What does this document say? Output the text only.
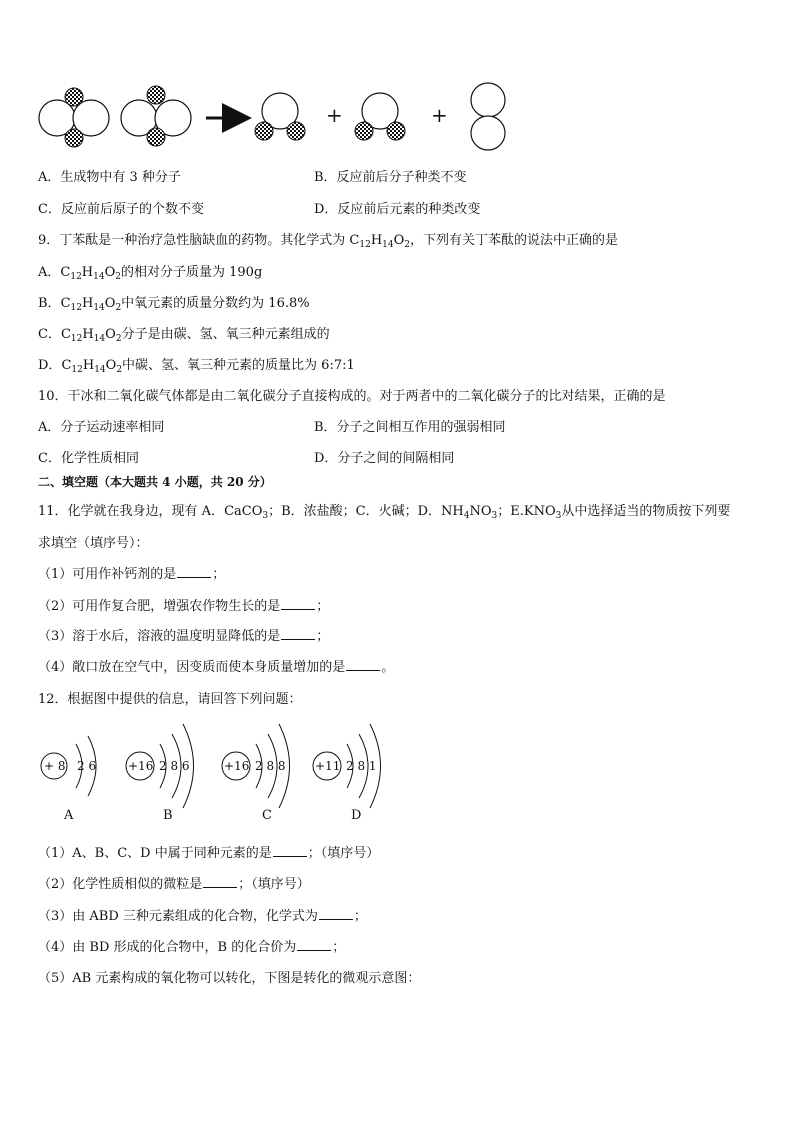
+	+
A．生成物中有 3 种分子	B．反应前后分子种类不变
C．反应前后原子的个数不变	D．反应前后元素的种类改变
9．丁苯酞是一种治疗急性脑缺血的药物。其化学式为 $C_{12}H_{14}O_2$，下列有关丁苯酞的说法中正确的是
A．$C_{12}H_{14}O_2$的相对分子质量为 190g
B．$C_{12}H_{14}O_2$中氧元素的质量分数约为 16.8%
C．$C_{12}H_{14}O_2$分子是由碳、氢、氧三种元素组成的
D．$C_{12}H_{14}O_2$中碳、氢、氧三种元素的质量比为 6:7:1
10．干冰和二氧化碳气体都是由二氧化碳分子直接构成的。对于两者中的二氧化碳分子的比对结果，正确的是
A．分子运动速率相同	B．分子之间相互作用的强弱相同
C．化学性质相同	D．分子之间的间隔相同
二、填空题（本大题共 4 小题，共 20 分）
11．化学就在我身边，现有 A．CaCO$_3$；B．浓盐酸；C．火碱；D．$NH_4NO_3$；$E.KNO_3$从中选择适当的物质按下列要
求填空（填序号）：
（1）可用作补钙剂的是	；
（2）可用作复合肥，增强农作物生长的是	；
（3）溶于水后，溶液的温度明显降低的是	；
（4）敞口放在空气中，因变质而使本身质量增加的是	。
12．根据图中提供的信息，请回答下列问题：
+ 8 2 6	+16 2 8 6	+16 2 8 8 +11 2 8 1
A	B	C	D
（1）A、B、C、D 中属于同种元素的是	；（填序号）
（2）化学性质相似的微粒是	；（填序号）
（3）由 ABD 三种元素组成的化合物，化学式为	；
（4）由 BD 形成的化合物中，B 的化合价为	；
（5）AB 元素构成的氧化物可以转化，下图是转化的微观示意图：
